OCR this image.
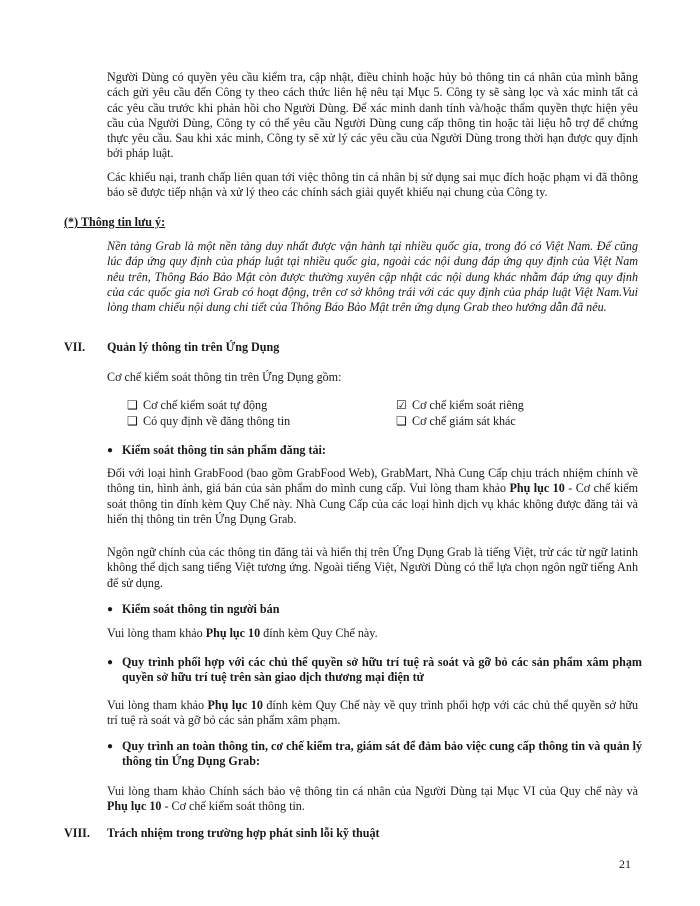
Người Dùng có quyền yêu cầu kiểm tra, cập nhật, điều chỉnh hoặc hủy bỏ thông tin cá nhân của mình bằng cách gửi yêu cầu đến Công ty theo cách thức liên hệ nêu tại Mục 5. Công ty sẽ sàng lọc và xác minh tất cả các yêu cầu trước khi phản hồi cho Người Dùng. Để xác minh danh tính và/hoặc thẩm quyền thực hiện yêu cầu của Người Dùng, Công ty có thể yêu cầu Người Dùng cung cấp thông tin hoặc tài liệu hỗ trợ để chứng thực yêu cầu. Sau khi xác minh, Công ty sẽ xử lý các yêu cầu của Người Dùng trong thời hạn được quy định bởi pháp luật.

Các khiếu nại, tranh chấp liên quan tới việc thông tin cá nhân bị sử dụng sai mục đích hoặc phạm vi đã thông báo sẽ được tiếp nhận và xử lý theo các chính sách giải quyết khiếu nại chung của Công ty.

(*) Thông tin lưu ý:

Nền tảng Grab là một nền tảng duy nhất được vận hành tại nhiều quốc gia, trong đó có Việt Nam. Để cũng lúc đáp ứng quy định của pháp luật tại nhiều quốc gia, ngoài các nội dung đáp ứng quy định của Việt Nam nêu trên, Thông Báo Bảo Mật còn được thường xuyên cập nhật các nội dung khác nhằm đáp ứng quy định của các quốc gia nơi Grab có hoạt động, trên cơ sở không trái với các quy định của pháp luật Việt Nam.Vui lòng tham chiếu nội dung chi tiết của Thông Báo Bảo Mật trên ứng dụng Grab theo hướng dẫn đã nêu.

VII. Quản lý thông tin trên Ứng Dụng

Cơ chế kiểm soát thông tin trên Ứng Dụng gồm:

❑ Cơ chế kiểm soát tự động	☑ Cơ chế kiểm soát riêng
❑ Có quy định về đăng thông tin	❑ Cơ chế giám sát khác
● Kiểm soát thông tin sản phẩm đăng tải:

Đối với loại hình GrabFood (bao gồm GrabFood Web), GrabMart, Nhà Cung Cấp chịu trách nhiệm chính về thông tin, hình ảnh, giá bán của sản phẩm do mình cung cấp. Vui lòng tham khảo Phụ lục 10 - Cơ chế kiểm soát thông tin đính kèm Quy Chế này. Nhà Cung Cấp của các loại hình dịch vụ khác không được đăng tải và hiển thị thông tin trên Ứng Dụng Grab.

Ngôn ngữ chính của các thông tin đăng tải và hiển thị trên Ứng Dụng Grab là tiếng Việt, trừ các từ ngữ latinh không thể dịch sang tiếng Việt tương ứng. Ngoài tiếng Việt, Người Dùng có thể lựa chọn ngôn ngữ tiếng Anh để sử dụng.

● Kiểm soát thông tin người bán

Vui lòng tham khảo Phụ lục 10 đính kèm Quy Chế này.

● Quy trình phối hợp với các chủ thể quyền sở hữu trí tuệ rà soát và gỡ bỏ các sản phẩm xâm phạm quyền sở hữu trí tuệ trên sàn giao dịch thương mại điện tử

Vui lòng tham khảo Phụ lục 10 đính kèm Quy Chế này về quy trình phối hợp với các chủ thể quyền sở hữu trí tuệ rà soát và gỡ bỏ các sản phẩm xâm phạm.

● Quy trình an toàn thông tin, cơ chế kiểm tra, giám sát để đảm bảo việc cung cấp thông tin và quản lý thông tin Ứng Dụng Grab:

Vui lòng tham khảo Chính sách bảo vệ thông tin cá nhân của Người Dùng tại Mục VI của Quy chế này và Phụ lục 10 - Cơ chế kiểm soát thông tin.

VIII. Trách nhiệm trong trường hợp phát sinh lỗi kỹ thuật
21
